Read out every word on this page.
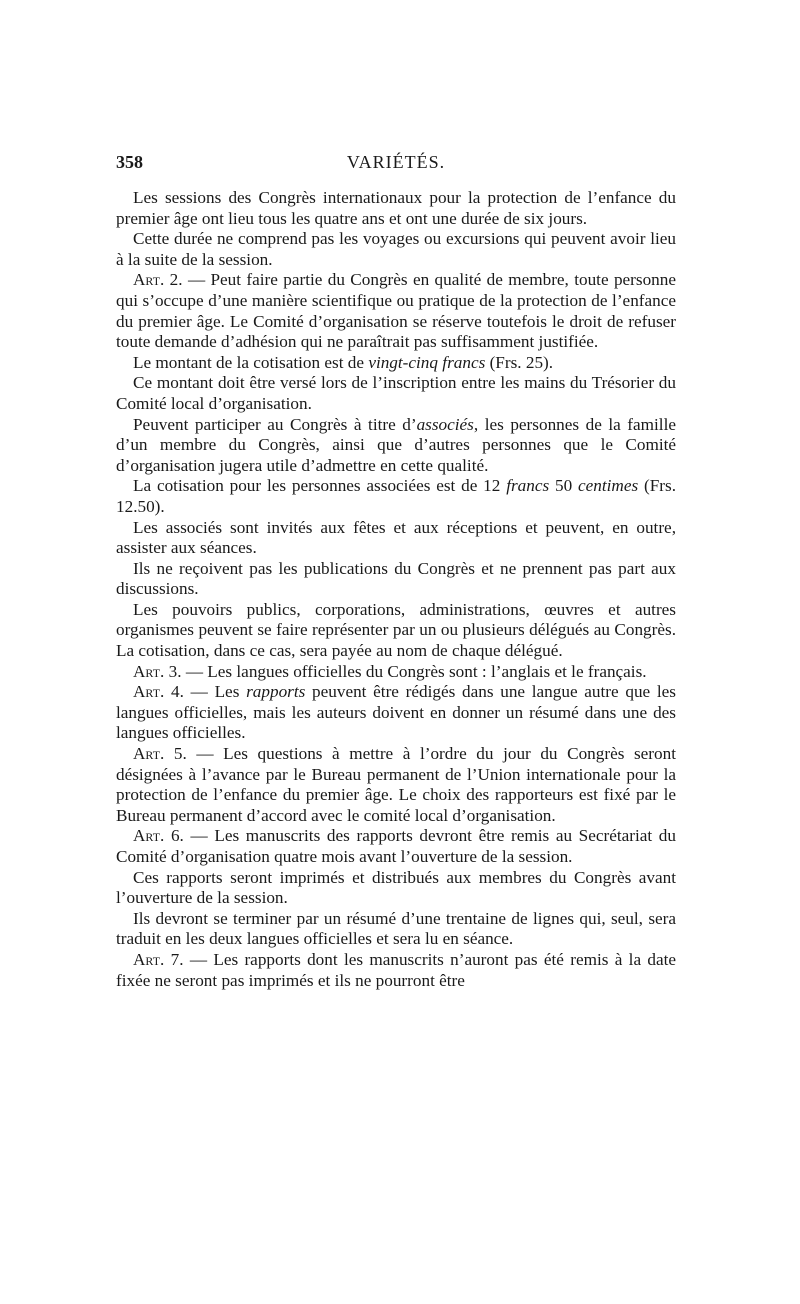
358	VARIÉTÉS.

Les sessions des Congrès internationaux pour la protection de l’enfance du premier âge ont lieu tous les quatre ans et ont une durée de six jours.

Cette durée ne comprend pas les voyages ou excursions qui peuvent avoir lieu à la suite de la session.

Art. 2. — Peut faire partie du Congrès en qualité de membre, toute personne qui s’occupe d’une manière scientifique ou pratique de la protection de l’enfance du premier âge. Le Comité d’organisation se réserve toutefois le droit de refuser toute demande d’adhésion qui ne paraîtrait pas suffisamment justifiée.

Le montant de la cotisation est de vingt-cinq francs (Frs. 25).

Ce montant doit être versé lors de l’inscription entre les mains du Trésorier du Comité local d’organisation.

Peuvent participer au Congrès à titre d’associés, les personnes de la famille d’un membre du Congrès, ainsi que d’autres personnes que le Comité d’organisation jugera utile d’admettre en cette qualité.

La cotisation pour les personnes associées est de 12 francs 50 centimes (Frs. 12.50).

Les associés sont invités aux fêtes et aux réceptions et peuvent, en outre, assister aux séances.

Ils ne reçoivent pas les publications du Congrès et ne prennent pas part aux discussions.

Les pouvoirs publics, corporations, administrations, œuvres et autres organismes peuvent se faire représenter par un ou plusieurs délégués au Congrès. La cotisation, dans ce cas, sera payée au nom de chaque délégué.

Art. 3. — Les langues officielles du Congrès sont : l’anglais et le français.

Art. 4. — Les rapports peuvent être rédigés dans une langue autre que les langues officielles, mais les auteurs doivent en donner un résumé dans une des langues officielles.

Art. 5. — Les questions à mettre à l’ordre du jour du Congrès seront désignées à l’avance par le Bureau permanent de l’Union internationale pour la protection de l’enfance du premier âge. Le choix des rapporteurs est fixé par le Bureau permanent d’accord avec le comité local d’organisation.

Art. 6. — Les manuscrits des rapports devront être remis au Secrétariat du Comité d’organisation quatre mois avant l’ouverture de la session.

Ces rapports seront imprimés et distribués aux membres du Congrès avant l’ouverture de la session.

Ils devront se terminer par un résumé d’une trentaine de lignes qui, seul, sera traduit en les deux langues officielles et sera lu en séance.

Art. 7. — Les rapports dont les manuscrits n’auront pas été remis à la date fixée ne seront pas imprimés et ils ne pourront être
